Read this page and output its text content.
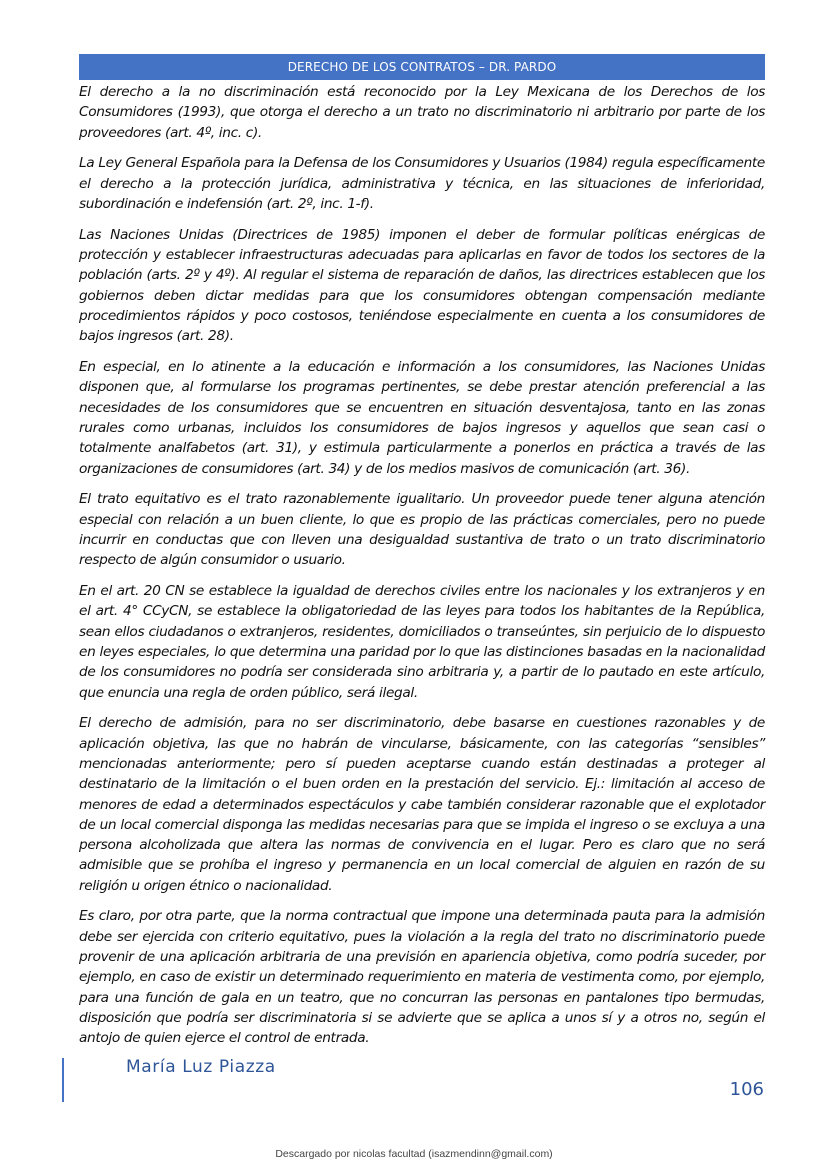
DERECHO DE LOS CONTRATOS – DR. PARDO

El derecho a la no discriminación está reconocido por la Ley Mexicana de los Derechos de los Consumidores (1993), que otorga el derecho a un trato no discriminatorio ni arbitrario por parte de los proveedores (art. 4º, inc. c).

La Ley General Española para la Defensa de los Consumidores y Usuarios (1984) regula específicamente el derecho a la protección jurídica, administrativa y técnica, en las situaciones de inferioridad, subordinación e indefensión (art. 2º, inc. 1-f).

Las Naciones Unidas (Directrices de 1985) imponen el deber de formular políticas enérgicas de protección y establecer infraestructuras adecuadas para aplicarlas en favor de todos los sectores de la población (arts. 2º y 4º). Al regular el sistema de reparación de daños, las directrices establecen que los gobiernos deben dictar medidas para que los consumidores obtengan compensación mediante procedimientos rápidos y poco costosos, teniéndose especialmente en cuenta a los consumidores de bajos ingresos (art. 28).

En especial, en lo atinente a la educación e información a los consumidores, las Naciones Unidas disponen que, al formularse los programas pertinentes, se debe prestar atención preferencial a las necesidades de los consumidores que se encuentren en situación desventajosa, tanto en las zonas rurales como urbanas, incluidos los consumidores de bajos ingresos y aquellos que sean casi o totalmente analfabetos (art. 31), y estimula particularmente a ponerlos en práctica a través de las organizaciones de consumidores (art. 34) y de los medios masivos de comunicación (art. 36).

El trato equitativo es el trato razonablemente igualitario. Un proveedor puede tener alguna atención especial con relación a un buen cliente, lo que es propio de las prácticas comerciales, pero no puede incurrir en conductas que con lleven una desigualdad sustantiva de trato o un trato discriminatorio respecto de algún consumidor o usuario.

En el art. 20 CN se establece la igualdad de derechos civiles entre los nacionales y los extranjeros y en el art. 4° CCyCN, se establece la obligatoriedad de las leyes para todos los habitantes de la República, sean ellos ciudadanos o extranjeros, residentes, domiciliados o transeúntes, sin perjuicio de lo dispuesto en leyes especiales, lo que determina una paridad por lo que las distinciones basadas en la nacionalidad de los consumidores no podría ser considerada sino arbitraria y, a partir de lo pautado en este artículo, que enuncia una regla de orden público, será ilegal.

El derecho de admisión, para no ser discriminatorio, debe basarse en cuestiones razonables y de aplicación objetiva, las que no habrán de vincularse, básicamente, con las categorías “sensibles” mencionadas anteriormente; pero sí pueden aceptarse cuando están destinadas a proteger al destinatario de la limitación o el buen orden en la prestación del servicio. Ej.: limitación al acceso de menores de edad a determinados espectáculos y cabe también considerar razonable que el explotador de un local comercial disponga las medidas necesarias para que se impida el ingreso o se excluya a una persona alcoholizada que altera las normas de convivencia en el lugar. Pero es claro que no será admisible que se prohíba el ingreso y permanencia en un local comercial de alguien en razón de su religión u origen étnico o nacionalidad.

Es claro, por otra parte, que la norma contractual que impone una determinada pauta para la admisión debe ser ejercida con criterio equitativo, pues la violación a la regla del trato no discriminatorio puede provenir de una aplicación arbitraria de una previsión en apariencia objetiva, como podría suceder, por ejemplo, en caso de existir un determinado requerimiento en materia de vestimenta como, por ejemplo, para una función de gala en un teatro, que no concurran las personas en pantalones tipo bermudas, disposición que podría ser discriminatoria si se advierte que se aplica a unos sí y a otros no, según el antojo de quien ejerce el control de entrada.

María Luz Piazza
106
Descargado por nicolas facultad (isazmendinn@gmail.com)
